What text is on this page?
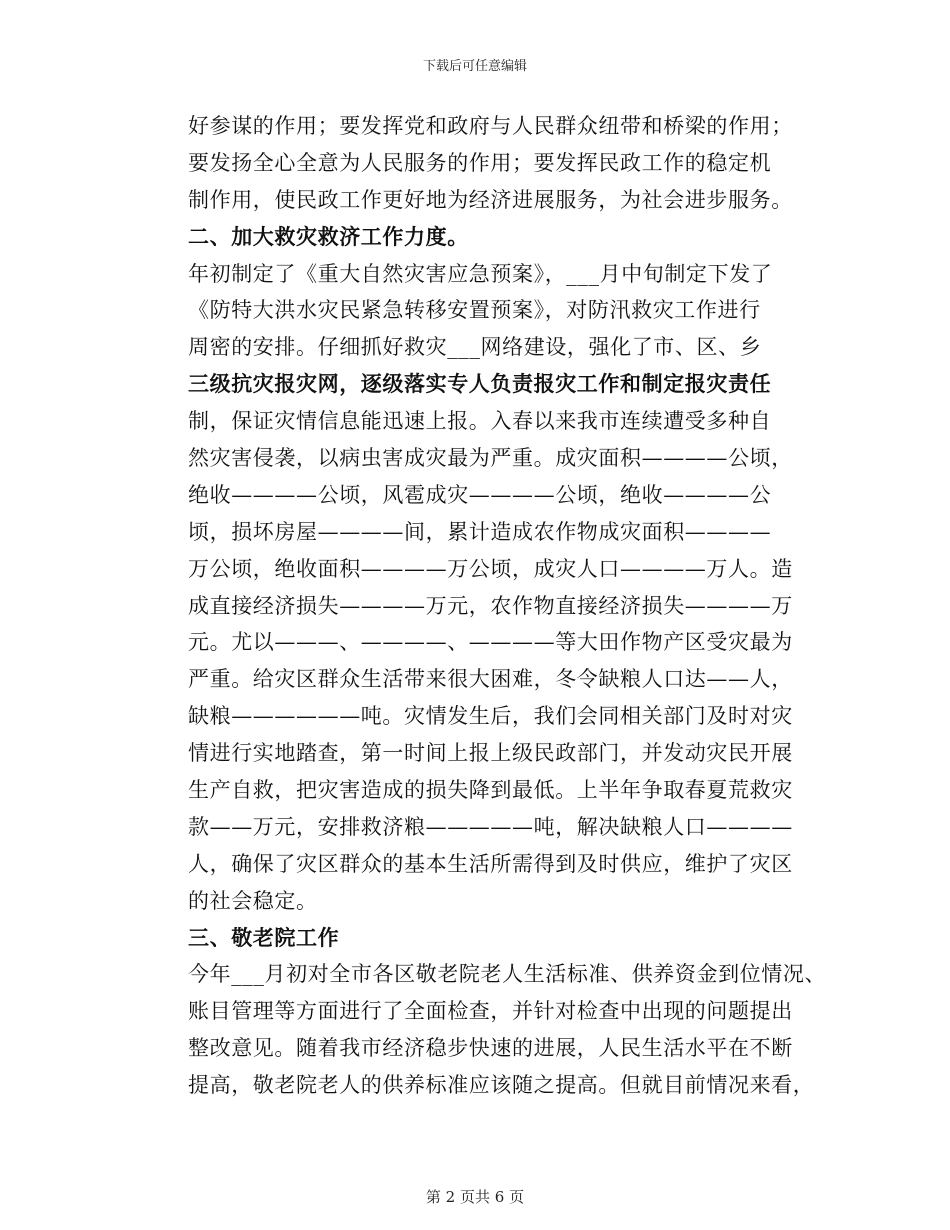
下载后可任意编辑
好参谋的作用；要发挥党和政府与人民群众纽带和桥梁的作用；
要发扬全心全意为人民服务的作用；要发挥民政工作的稳定机
制作用，使民政工作更好地为经济进展服务，为社会进步服务。
二、加大救灾救济工作力度。
年初制定了《重大自然灾害应急预案》，___月中旬制定下发了
《防特大洪水灾民紧急转移安置预案》，对防汛救灾工作进行
周密的安排。仔细抓好救灾___网络建设，强化了市、区、乡
三级抗灾报灾网，逐级落实专人负责报灾工作和制定报灾责任
制，保证灾情信息能迅速上报。入春以来我市连续遭受多种自
然灾害侵袭，以病虫害成灾最为严重。成灾面积————公顷，
绝收————公顷，风雹成灾————公顷，绝收————公
顷，损坏房屋————间，累计造成农作物成灾面积————
万公顷，绝收面积————万公顷，成灾人口————万人。造
成直接经济损失————万元，农作物直接经济损失————万
元。尤以———、————、————等大田作物产区受灾最为
严重。给灾区群众生活带来很大困难，冬令缺粮人口达——人，
缺粮——————吨。灾情发生后，我们会同相关部门及时对灾
情进行实地踏查，第一时间上报上级民政部门，并发动灾民开展
生产自救，把灾害造成的损失降到最低。上半年争取春夏荒救灾
款——万元，安排救济粮—————吨，解决缺粮人口————
人，确保了灾区群众的基本生活所需得到及时供应，维护了灾区
的社会稳定。
三、敬老院工作
今年___月初对全市各区敬老院老人生活标准、供养资金到位情况、
账目管理等方面进行了全面检查，并针对检查中出现的问题提出
整改意见。随着我市经济稳步快速的进展，人民生活水平在不断
提高，敬老院老人的供养标准应该随之提高。但就目前情况来看，
第 2 页共 6 页
